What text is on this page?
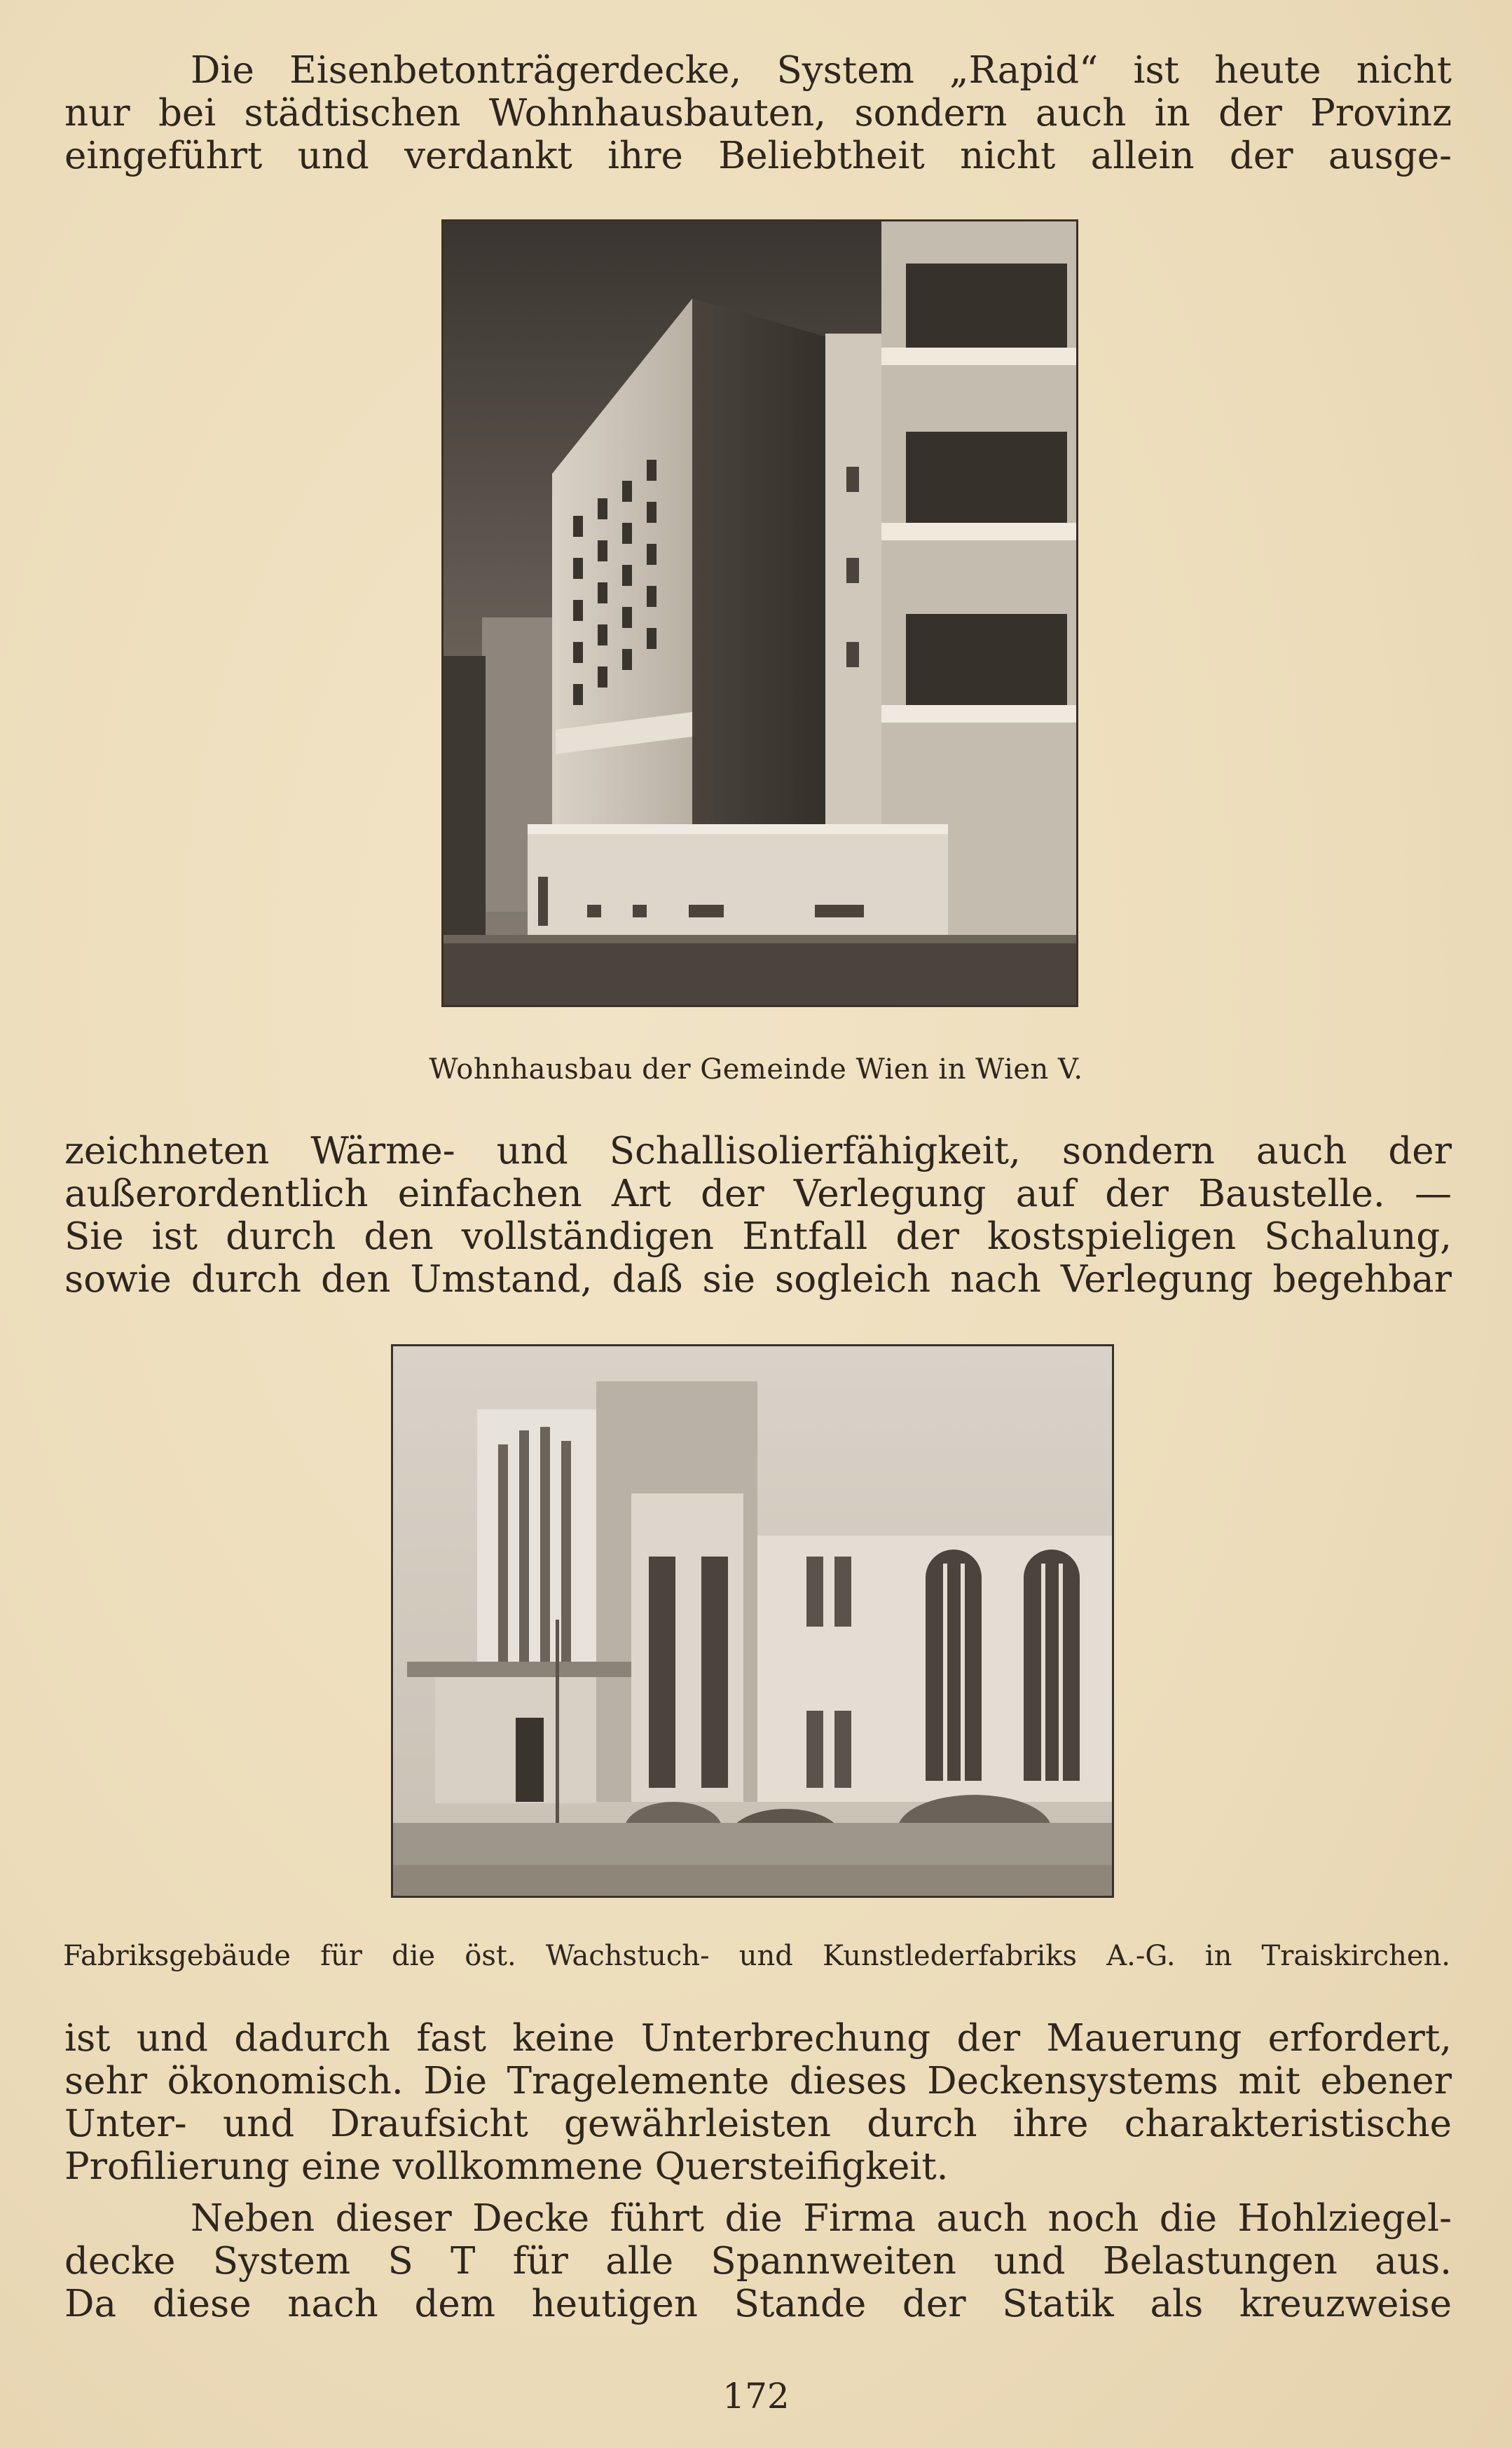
Die Eisenbetonträgerdecke, System „Rapid“ ist heute nicht
nur bei städtischen Wohnhausbauten, sondern auch in der Provinz
eingeführt und verdankt ihre Beliebtheit nicht allein der ausge-

Wohnhausbau der Gemeinde Wien in Wien V.

zeichneten Wärme- und Schallisolierfähigkeit, sondern auch der
außerordentlich einfachen Art der Verlegung auf der Baustelle. —
Sie ist durch den vollständigen Entfall der kostspieligen Schalung,
sowie durch den Umstand, daß sie sogleich nach Verlegung begehbar

Fabriksgebäude für die öst. Wachstuch- und Kunstlederfabriks A.-G. in Traiskirchen.

ist und dadurch fast keine Unterbrechung der Mauerung erfordert,
sehr ökonomisch. Die Tragelemente dieses Deckensystems mit ebener
Unter- und Draufsicht gewährleisten durch ihre charakteristische
Profilierung eine vollkommene Quersteifigkeit.

Neben dieser Decke führt die Firma auch noch die Hohlziegel-
decke System S T für alle Spannweiten und Belastungen aus.
Da diese nach dem heutigen Stande der Statik als kreuzweise

172
